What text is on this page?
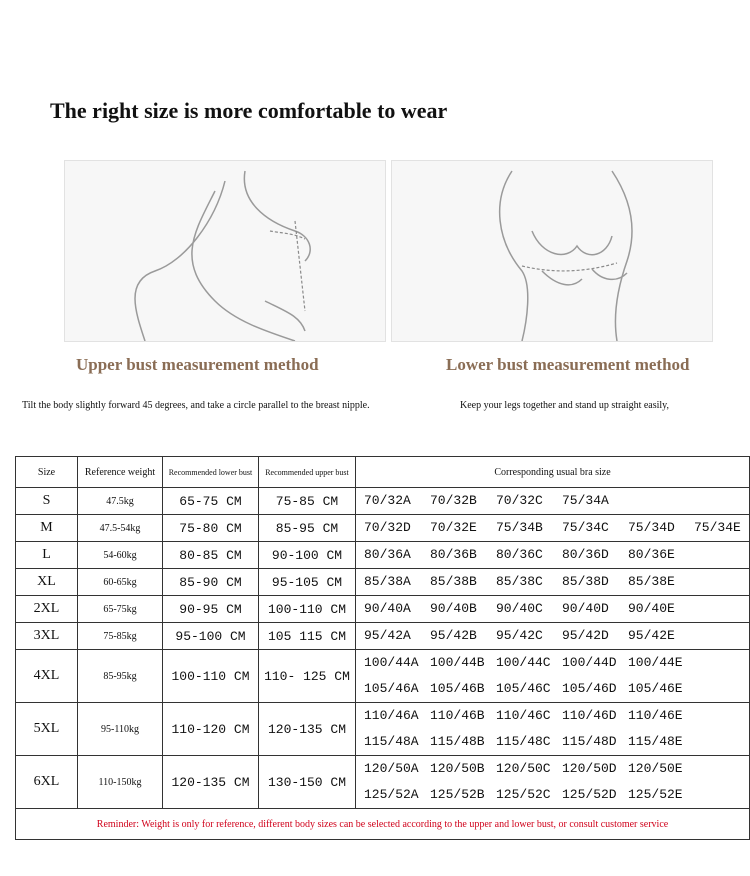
The right size is more comfortable to wear
Upper bust measurement method	Lower bust measurement method
Tilt the body slightly forward 45 degrees, and take a circle parallel to the breast nipple.	Keep your legs together and stand up straight easily,
Size	Reference weight	Recommended lower bust	Recommended upper bust	Corresponding usual bra size
S	47.5kg	65-75 CM	75-85 CM	70/32A 70/32B 70/32C 75/34A

M	47.5-54kg	75-80 CM	85-95 CM	70/32D 70/32E 75/34B 75/34C 75/34D 75/34E

L	54-60kg	80-85 CM	90-100 CM	80/36A 80/36B 80/36C 80/36D 80/36E

XL	60-65kg	85-90 CM	95-105 CM	85/38A 85/38B 85/38C 85/38D 85/38E

2XL	65-75kg	90-95 CM	100-110 CM	90/40A 90/40B 90/40C 90/40D 90/40E

3XL	75-85kg	95-100 CM	105 115 CM	95/42A 95/42B 95/42C 95/42D 95/42E

4XL	85-95kg	100-110 CM	110- 125 CM	100/44A 100/44B 100/44C 100/44D 100/44E
105/46A 105/46B 105/46C 105/46D 105/46E

5XL	95-110kg	110-120 CM	120-135 CM	110/46A 110/46B 110/46C 110/46D 110/46E
115/48A 115/48B 115/48C 115/48D 115/48E

6XL	110-150kg	120-135 CM	130-150 CM	120/50A 120/50B 120/50C 120/50D 120/50E
125/52A 125/52B 125/52C 125/52D 125/52E

Reminder: Weight is only for reference, different body sizes can be selected according to the upper and lower bust, or consult customer service				
